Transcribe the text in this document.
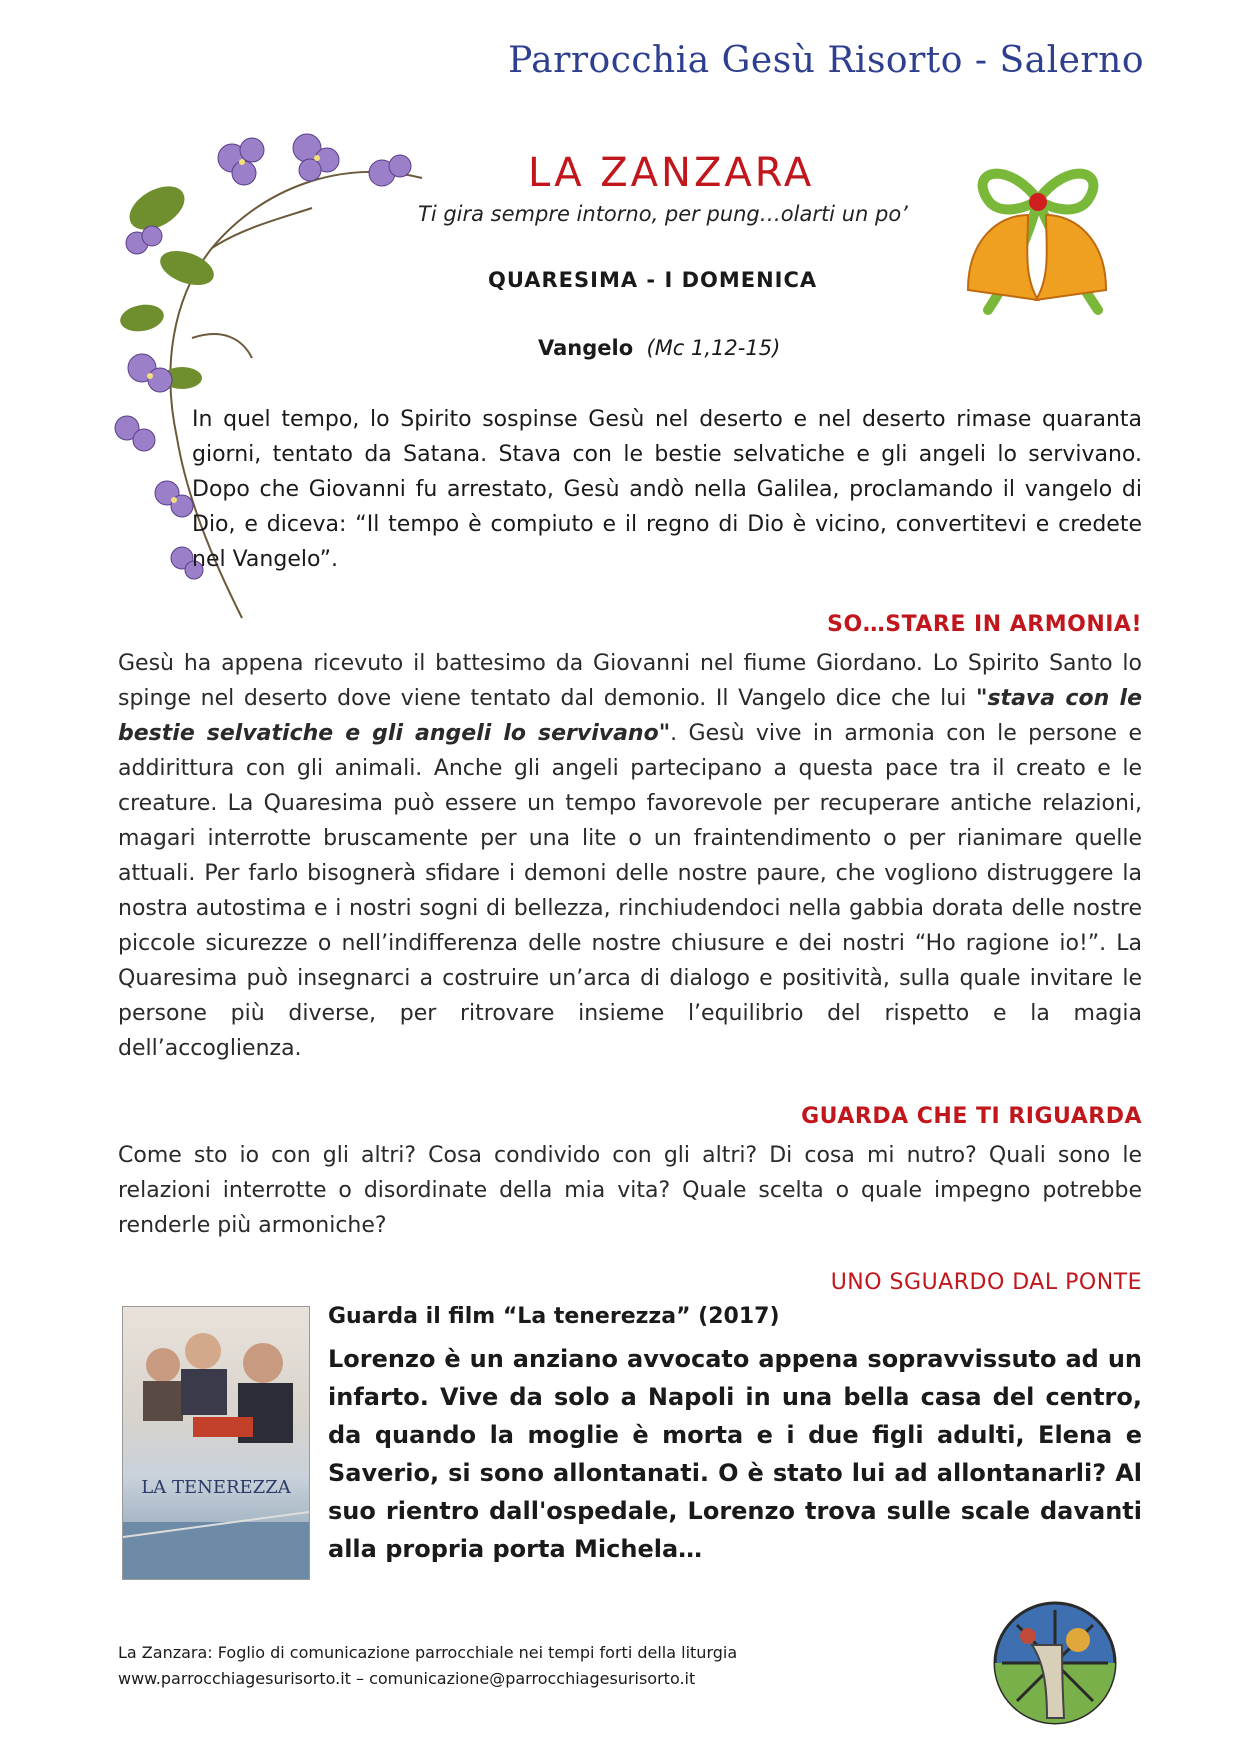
Parrocchia Gesù Risorto - Salerno
LA ZANZARA
Ti gira sempre intorno, per pung…olarti un po’
QUARESIMA - I DOMENICA
Vangelo (Mc 1,12-15)
In quel tempo, lo Spirito sospinse Gesù nel deserto e nel deserto rimase quaranta giorni, tentato da Satana. Stava con le bestie selvatiche e gli angeli lo servivano. Dopo che Giovanni fu arrestato, Gesù andò nella Galilea, proclamando il vangelo di Dio, e diceva: “Il tempo è compiuto e il regno di Dio è vicino, convertitevi e credete nel Vangelo”.
SO…STARE IN ARMONIA!
Gesù ha appena ricevuto il battesimo da Giovanni nel fiume Giordano. Lo Spirito Santo lo spinge nel deserto dove viene tentato dal demonio. Il Vangelo dice che lui "stava con le bestie selvatiche e gli angeli lo servivano". Gesù vive in armonia con le persone e addirittura con gli animali. Anche gli angeli partecipano a questa pace tra il creato e le creature. La Quaresima può essere un tempo favorevole per recuperare antiche relazioni, magari interrotte bruscamente per una lite o un fraintendimento o per rianimare quelle attuali. Per farlo bisognerà sfidare i demoni delle nostre paure, che vogliono distruggere la nostra autostima e i nostri sogni di bellezza, rinchiudendoci nella gabbia dorata delle nostre piccole sicurezze o nell’indifferenza delle nostre chiusure e dei nostri “Ho ragione io!”. La Quaresima può insegnarci a costruire un’arca di dialogo e positività, sulla quale invitare le persone più diverse, per ritrovare insieme l’equilibrio del rispetto e la magia dell’accoglienza.
GUARDA CHE TI RIGUARDA
Come sto io con gli altri? Cosa condivido con gli altri? Di cosa mi nutro? Quali sono le relazioni interrotte o disordinate della mia vita? Quale scelta o quale impegno potrebbe renderle più armoniche?
UNO SGUARDO DAL PONTE
LA TENEREZZA
Guarda il film “La tenerezza” (2017)
Lorenzo è un anziano avvocato appena sopravvissuto ad un infarto. Vive da solo a Napoli in una bella casa del centro, da quando la moglie è morta e i due figli adulti, Elena e Saverio, si sono allontanati. O è stato lui ad allontanarli? Al suo rientro dall'ospedale, Lorenzo trova sulle scale davanti alla propria porta Michela…
La Zanzara: Foglio di comunicazione parrocchiale nei tempi forti della liturgia
www.parrocchiagesurisorto.it – comunicazione@parrocchiagesurisorto.it
